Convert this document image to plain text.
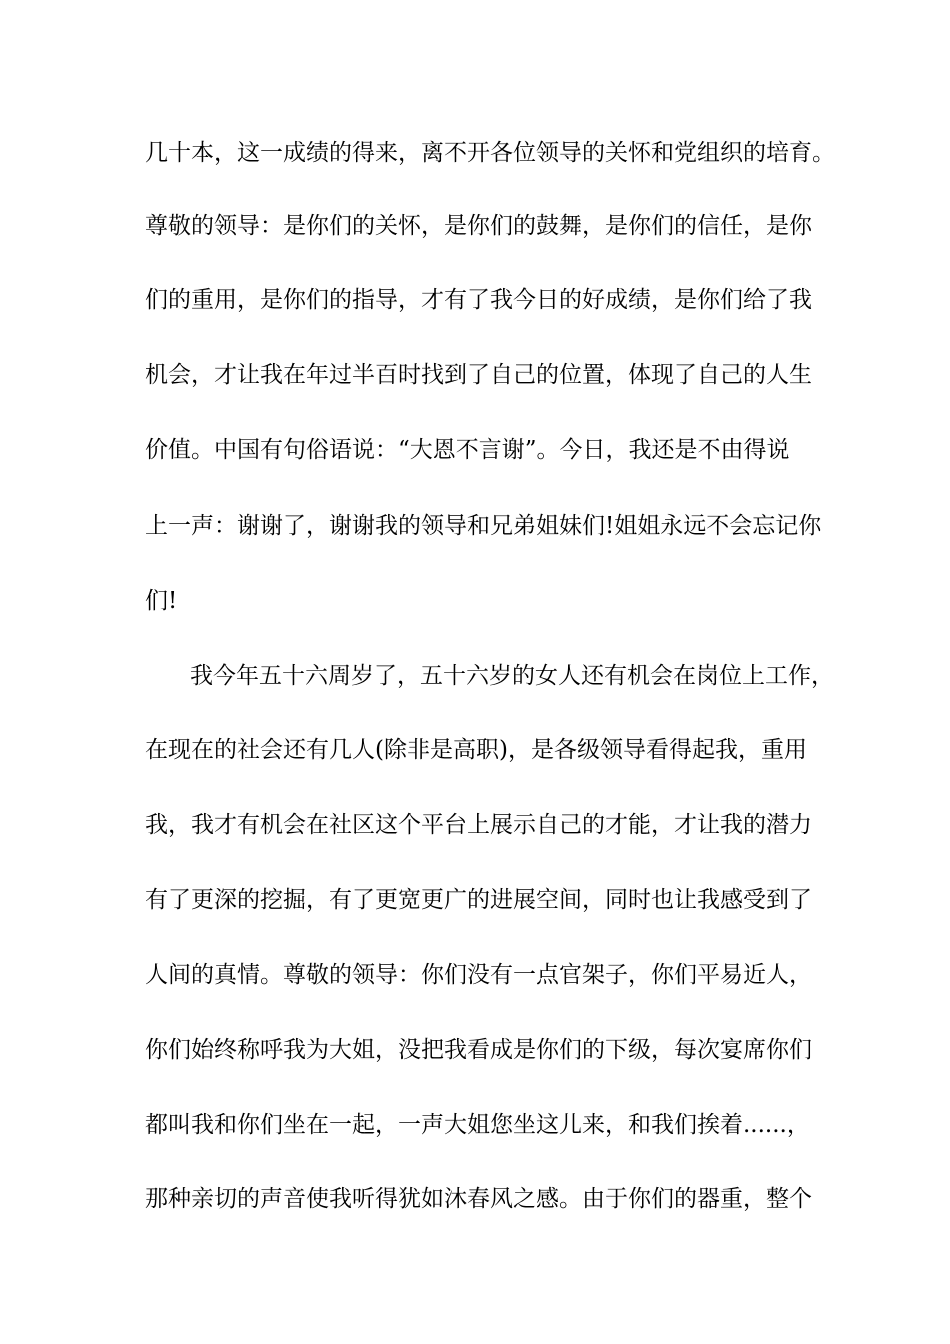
几十本，这一成绩的得来，离不开各位领导的关怀和党组织的培育。
尊敬的领导：是你们的关怀，是你们的鼓舞，是你们的信任，是你
们的重用，是你们的指导，才有了我今日的好成绩，是你们给了我
机会，才让我在年过半百时找到了自己的位置，体现了自己的人生
价值。中国有句俗语说：“大恩不言谢”。今日，我还是不由得说
上一声：谢谢了，谢谢我的领导和兄弟姐妹们!姐姐永远不会忘记你
们!
我今年五十六周岁了，五十六岁的女人还有机会在岗位上工作，
在现在的社会还有几人(除非是高职)，是各级领导看得起我，重用
我，我才有机会在社区这个平台上展示自己的才能，才让我的潜力
有了更深的挖掘，有了更宽更广的进展空间，同时也让我感受到了
人间的真情。尊敬的领导：你们没有一点官架子，你们平易近人，
你们始终称呼我为大姐，没把我看成是你们的下级，每次宴席你们
都叫我和你们坐在一起，一声大姐您坐这儿来，和我们挨着......，
那种亲切的声音使我听得犹如沐春风之感。由于你们的器重，整个
